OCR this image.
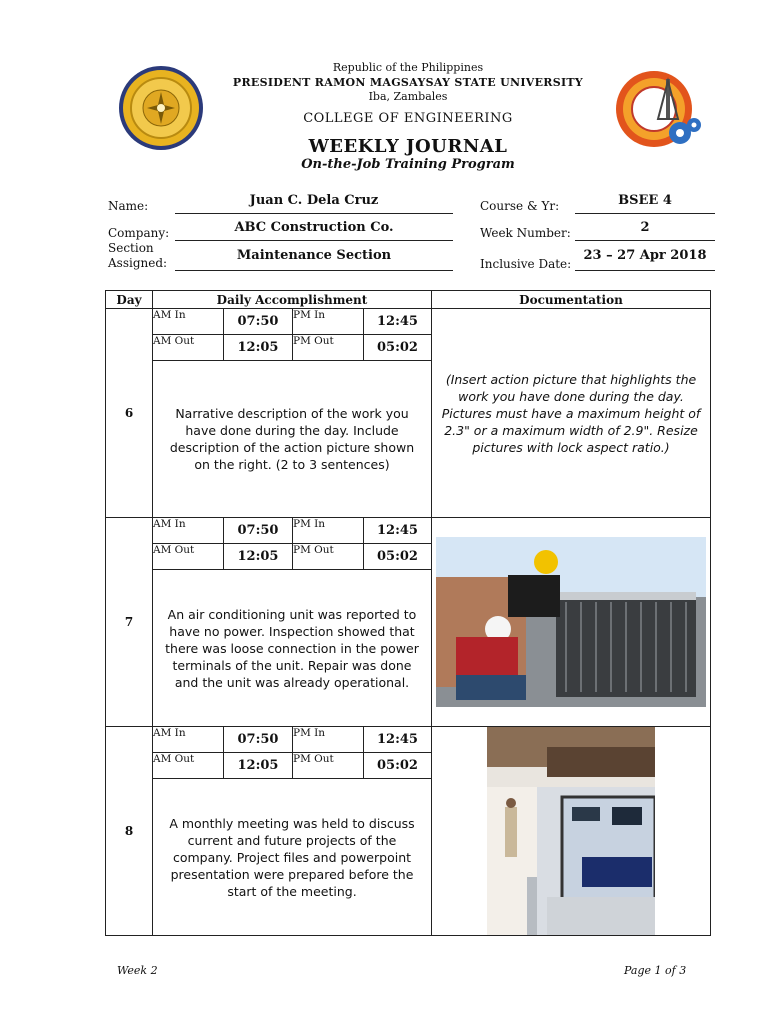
Republic of the Philippines
PRESIDENT RAMON MAGSAYSAY STATE UNIVERSITY
Iba, Zambales
COLLEGE OF ENGINEERING
WEEKLY JOURNAL
On-the-Job Training Program
Name:	Juan C. Dela Cruz
Company:	ABC Construction Co.
Section
Assigned:	Maintenance Section
Course & Yr:	BSEE 4
Week Number:	2
Inclusive Date:
23 – 27 Apr 2018
Day	Daily Accomplishment	Documentation
6	
AM In	07:50	PM In	12:45
AM Out	12:05	PM Out	05:02
Narrative description of the work you have done during the day. Include description of the action picture shown on the right. (2 to 3 sentences)

(Insert action picture that highlights the work you have done during the day. Pictures must have a maximum height of 2.3" or a maximum width of 2.9". Resize pictures with lock aspect ratio.)

7	
AM In	07:50	PM In	12:45
AM Out	12:05	PM Out	05:02
An air conditioning unit was reported to have no power. Inspection showed that there was loose connection in the power terminals of the unit. Repair was done and the unit was already operational.

8	
AM In	07:50	PM In	12:45
AM Out	12:05	PM Out	05:02
A monthly meeting was held to discuss current and future projects of the company. Project files and powerpoint presentation were prepared before the start of the meeting.

Week 2	Page 1 of 3
